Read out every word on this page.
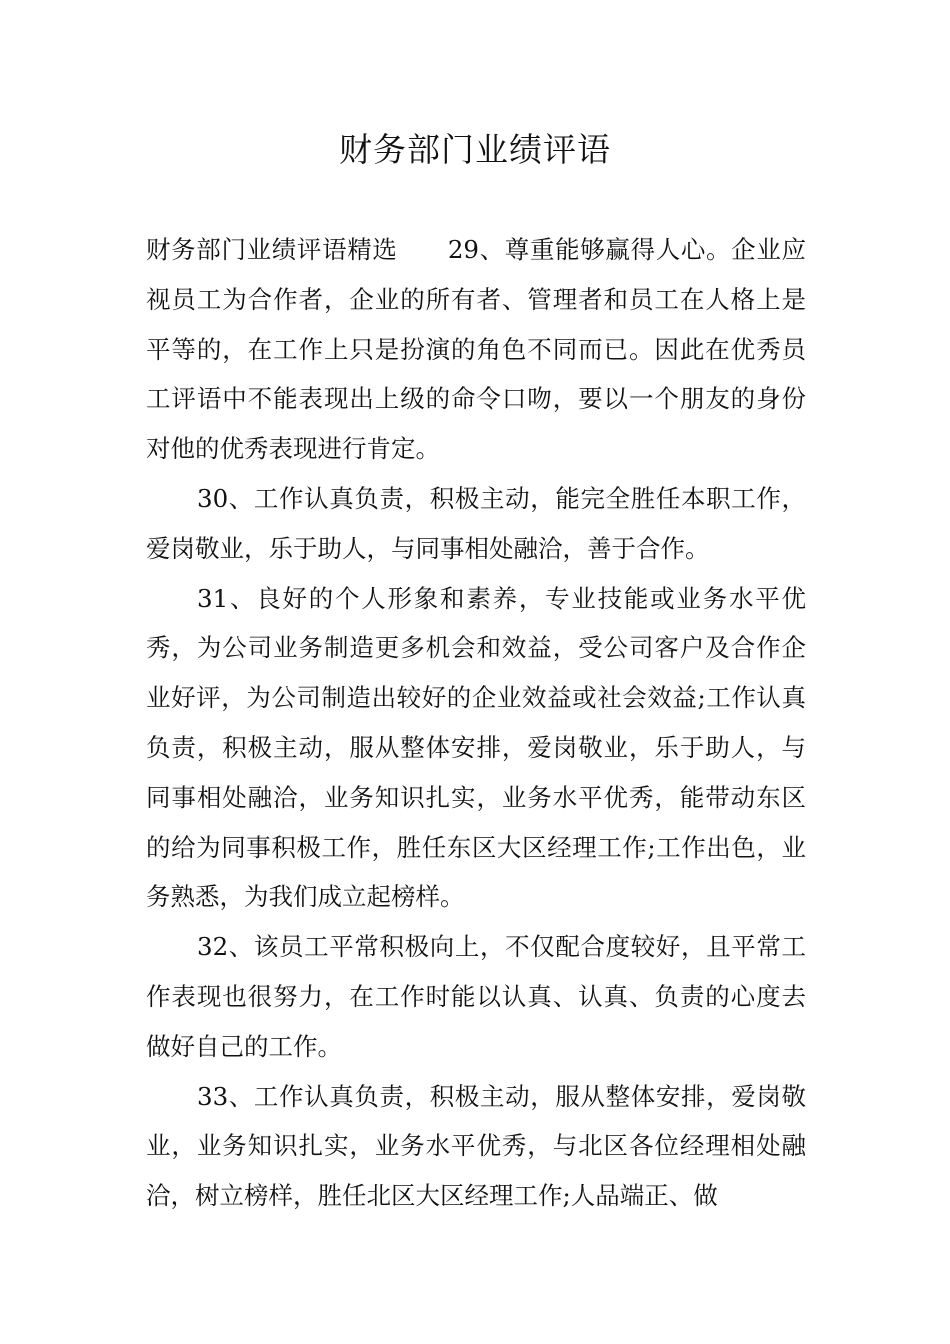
财务部门业绩评语

财务部门业绩评语精选　　29、尊重能够赢得人心。企业应视员工为合作者，企业的所有者、管理者和员工在人格上是平等的，在工作上只是扮演的角色不同而已。因此在优秀员工评语中不能表现出上级的命令口吻，要以一个朋友的身份对他的优秀表现进行肯定。

30、工作认真负责，积极主动，能完全胜任本职工作，爱岗敬业，乐于助人，与同事相处融洽，善于合作。

31、良好的个人形象和素养，专业技能或业务水平优秀，为公司业务制造更多机会和效益，受公司客户及合作企业好评，为公司制造出较好的企业效益或社会效益;工作认真负责，积极主动，服从整体安排，爱岗敬业，乐于助人，与同事相处融洽，业务知识扎实，业务水平优秀，能带动东区的给为同事积极工作，胜任东区大区经理工作;工作出色，业务熟悉，为我们成立起榜样。

32、该员工平常积极向上，不仅配合度较好，且平常工作表现也很努力，在工作时能以认真、认真、负责的心度去做好自己的工作。

33、工作认真负责，积极主动，服从整体安排，爱岗敬业，业务知识扎实，业务水平优秀，与北区各位经理相处融洽，树立榜样，胜任北区大区经理工作;人品端正、做
